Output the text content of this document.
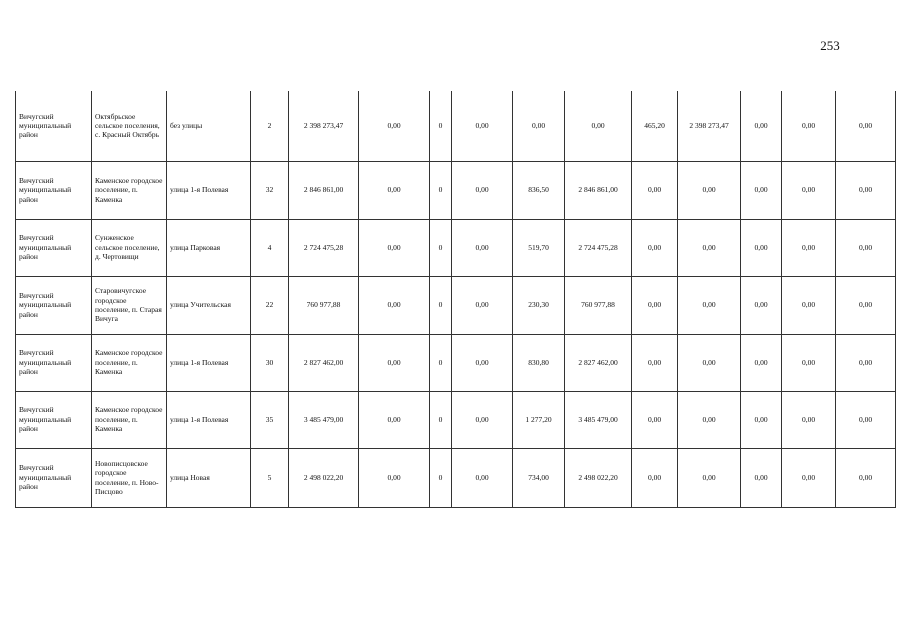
253
Вичугский муниципальный район	Октябрьское сельское поселения, с. Красный Октябрь	без улицы	2	2 398 273,47	0,00	0	0,00	0,00	0,00	465,20	2 398 273,47	0,00	0,00	0,00
Вичугский муниципальный район	Каменское городское поселение, п. Каменка	улица 1-я Полевая	32	2 846 861,00	0,00	0	0,00	836,50	2 846 861,00	0,00	0,00	0,00	0,00	0,00
Вичугский муниципальный район	Сунженское сельское поселение, д. Чертовищи	улица Парковая	4	2 724 475,28	0,00	0	0,00	519,70	2 724 475,28	0,00	0,00	0,00	0,00	0,00
Вичугский муниципальный район	Старовичугское городское поселение, п. Старая Вичуга	улица Учительская	22	760 977,88	0,00	0	0,00	230,30	760 977,88	0,00	0,00	0,00	0,00	0,00
Вичугский муниципальный район	Каменское городское поселение, п. Каменка	улица 1-я Полевая	30	2 827 462,00	0,00	0	0,00	830,80	2 827 462,00	0,00	0,00	0,00	0,00	0,00
Вичугский муниципальный район	Каменское городское поселение, п. Каменка	улица 1-я Полевая	35	3 485 479,00	0,00	0	0,00	1 277,20	3 485 479,00	0,00	0,00	0,00	0,00	0,00
Вичугский муниципальный район	Новописцовское городское поселение, п. Ново-Писцово	улица Новая	5	2 498 022,20	0,00	0	0,00	734,00	2 498 022,20	0,00	0,00	0,00	0,00	0,00
